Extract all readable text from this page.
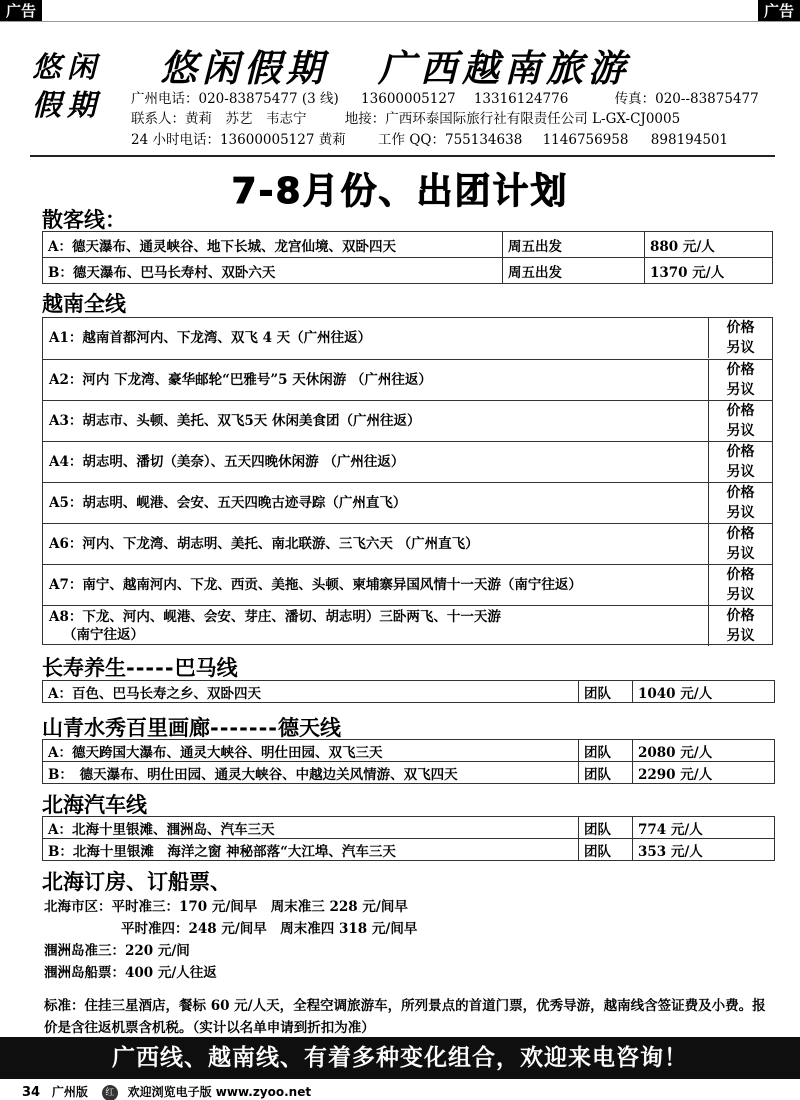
广告	广告
悠闲假期
悠闲假期 广西越南旅游
广州电话：020-83875477 (3 线) 13600005127 13316124776	传真：020--83875477
联系人：黄莉　苏艺　韦志宁	地接：广西环泰国际旅行社有限责任公司 L-GX-CJ0005
24 小时电话：13600005127 黄莉 工作 QQ：755134638 1146756958 898194501
7-8月份、出团计划
散客线：
A：德天瀑布、通灵峡谷、地下长城、龙宫仙境、双卧四天	周五出发	880 元/人
B：德天瀑布、巴马长寿村、双卧六天	周五出发	1370 元/人
越南全线
A1：越南首都河内、下龙湾、双飞 4 天（广州往返）
价格
另议
A2：河内 下龙湾、豪华邮轮“巴雅号”5 天休闲游 （广州往返）
价格
另议
A3：胡志市、头顿、美托、双飞5天 休闲美食团（广州往返）
价格
另议
A4：胡志明、潘切（美奈）、五天四晚休闲游 （广州往返）
价格
另议
A5：胡志明、岘港、会安、五天四晚古迹寻踪（广州直飞）
价格
另议
A6：河内、下龙湾、胡志明、美托、南北联游、三飞六天 （广州直飞）
价格
另议
A7：南宁、越南河内、下龙、西贡、美拖、头顿、柬埔寨异国风情十一天游（南宁往返）
价格
另议
A8：下龙、河内、岘港、会安、芽庄、潘切、胡志明）三卧两飞、十一天游
（南宁往返）
价格
另议
长寿养生-----巴马线
A：百色、巴马长寿之乡、双卧四天	团队	1040 元/人
山青水秀百里画廊-------德天线
A：德天跨国大瀑布、通灵大峡谷、明仕田园、双飞三天	团队	2080 元/人
B：　德天瀑布、明仕田园、通灵大峡谷、中越边关风情游、双飞四天	团队	2290 元/人
北海汽车线
A：北海十里银滩、涠洲岛、汽车三天	团队	774 元/人
B：北海十里银滩　海洋之窗 神秘部落“大江埠、汽车三天	团队	353 元/人
北海订房、订船票、
北海市区：平时准三：170 元/间早　周末准三 228 元/间早
平时准四：248 元/间早　周末准四 318 元/间早
涠洲岛准三：220 元/间
涠洲岛船票：400 元/人往返
标准：住挂三星酒店，餐标 60 元/人天，全程空调旅游车，所列景点的首道门票，优秀导游，越南线含签证费及小费。报价是含往返机票含机税。（实计以名单申请到折扣为准）
广西线、越南线、有着多种变化组合，欢迎来电咨询！
34 广州版 红 欢迎浏览电子版 www.zyoo.net
